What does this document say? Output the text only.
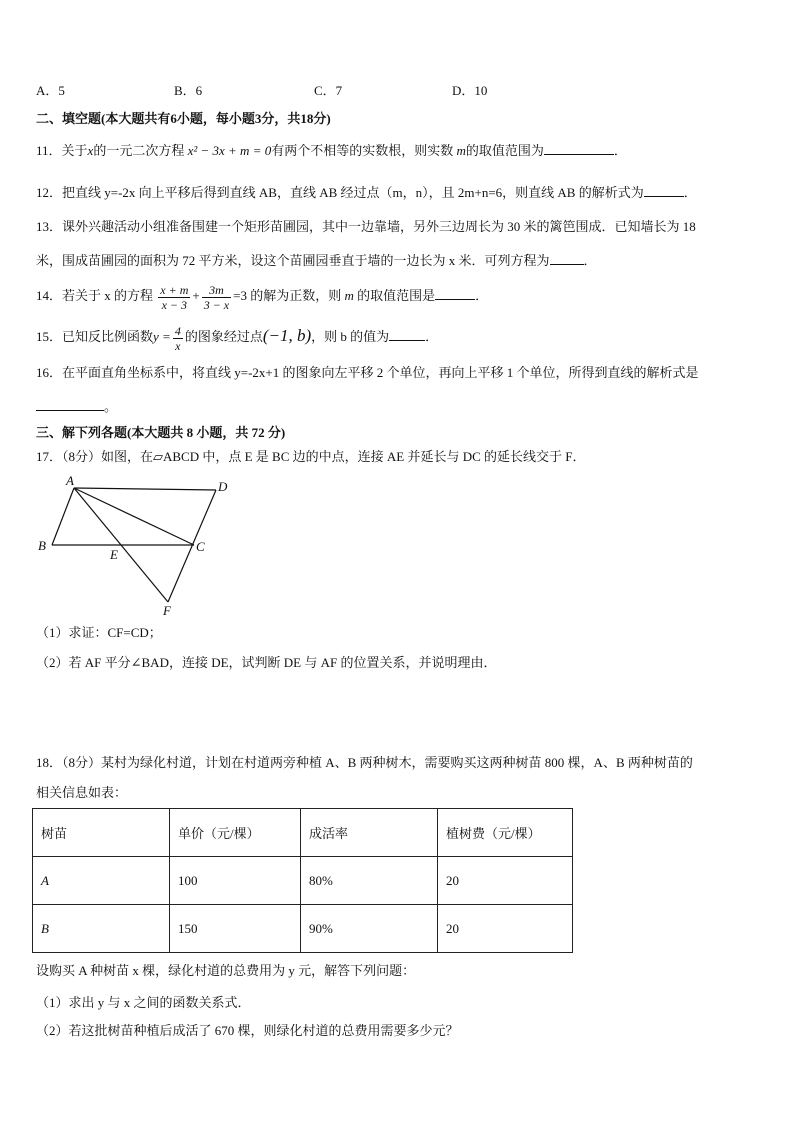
A．5	B．6	C．7	D．10
二、填空题(本大题共有6小题，每小题3分，共18分)
11．关于x的一元二次方程 x² − 3x + m = 0有两个不相等的实数根，则实数 m的取值范围为	．
12．把直线 y=-2x 向上平移后得到直线 AB，直线 AB 经过点（m，n），且 2m+n=6，则直线 AB 的解析式为	．
13．课外兴趣活动小组准备围建一个矩形苗圃园，其中一边靠墙，另外三边周长为 30 米的篱笆围成．已知墙长为 18
米，围成苗圃园的面积为 72 平方米，设这个苗圃园垂直于墙的一边长为 x 米．可列方程为	．
14．若关于 x 的方程 $\frac{x + m}{x - 3} + \frac{3m}{3 - x} =3$ 的解为正数，则 m 的取值范围是	．
15．已知反比例函数$y = \frac{4}{x}$ 的图象经过点(−1, b)，则 b 的值为	．
16．在平面直角坐标系中，将直线 y=-2x+1 的图象向左平移 2 个单位，再向上平移 1 个单位，所得到直线的解析式是
。
三、解下列各题(本大题共 8 小题，共 72 分)
17．（8分）如图，在▱ABCD 中，点 E 是 BC 边的中点，连接 AE 并延长与 DC 的延长线交于 F．
A	D
B
E
C
F
（1）求证：CF=CD；
（2）若 AF 平分∠BAD，连接 DE，试判断 DE 与 AF 的位置关系，并说明理由．
18．（8分）某村为绿化村道，计划在村道两旁种植 A、B 两种树木，需要购买这两种树苗 800 棵，A、B 两种树苗的
相关信息如表：
树苗	单价（元/棵）	成活率	植树费（元/棵）
A	100	80%	20
B	150	90%	20
设购买 A 种树苗 x 棵，绿化村道的总费用为 y 元，解答下列问题：
（1）求出 y 与 x 之间的函数关系式．
（2）若这批树苗种植后成活了 670 棵，则绿化村道的总费用需要多少元？
